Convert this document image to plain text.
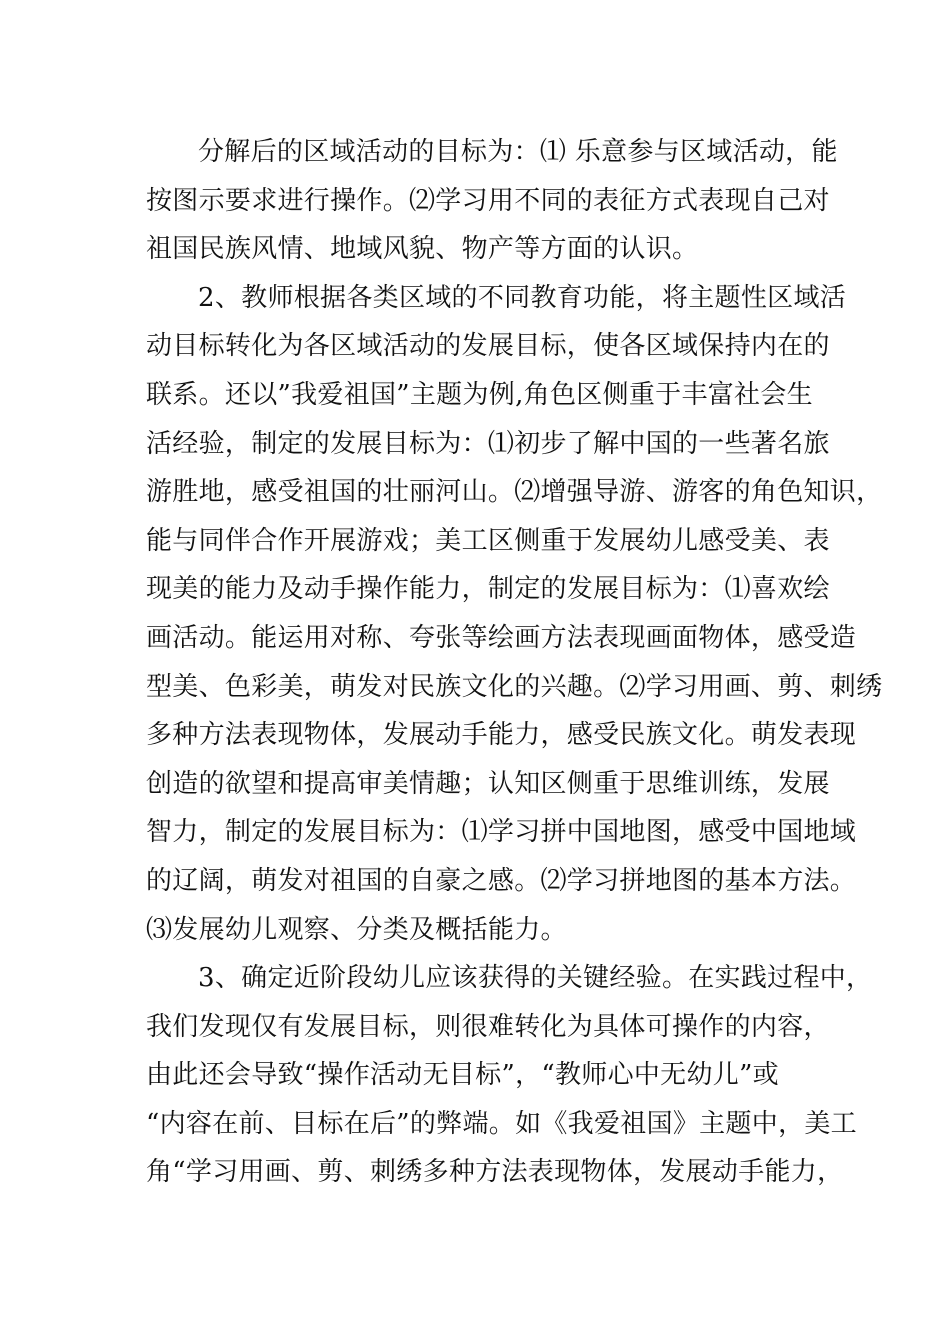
分解后的区域活动的目标为：⑴ 乐意参与区域活动，能
按图示要求进行操作。⑵学习用不同的表征方式表现自己对
祖国民族风情、地域风貌、物产等方面的认识。
2、教师根据各类区域的不同教育功能，将主题性区域活
动目标转化为各区域活动的发展目标，使各区域保持内在的
联系。还以”我爱祖国”主题为例,角色区侧重于丰富社会生
活经验，制定的发展目标为：⑴初步了解中国的一些著名旅
游胜地，感受祖国的壮丽河山。⑵增强导游、游客的角色知识，
能与同伴合作开展游戏；美工区侧重于发展幼儿感受美、表
现美的能力及动手操作能力，制定的发展目标为：⑴喜欢绘
画活动。能运用对称、夸张等绘画方法表现画面物体，感受造
型美、色彩美，萌发对民族文化的兴趣。⑵学习用画、剪、刺绣
多种方法表现物体，发展动手能力，感受民族文化。萌发表现
创造的欲望和提高审美情趣；认知区侧重于思维训练，发展
智力，制定的发展目标为：⑴学习拼中国地图，感受中国地域
的辽阔，萌发对祖国的自豪之感。⑵学习拼地图的基本方法。
⑶发展幼儿观察、分类及概括能力。
3、确定近阶段幼儿应该获得的关键经验。在实践过程中，
我们发现仅有发展目标，则很难转化为具体可操作的内容，
由此还会导致“操作活动无目标”，“教师心中无幼儿”或
“内容在前、目标在后”的弊端。如《我爱祖国》主题中，美工
角“学习用画、剪、刺绣多种方法表现物体，发展动手能力，
